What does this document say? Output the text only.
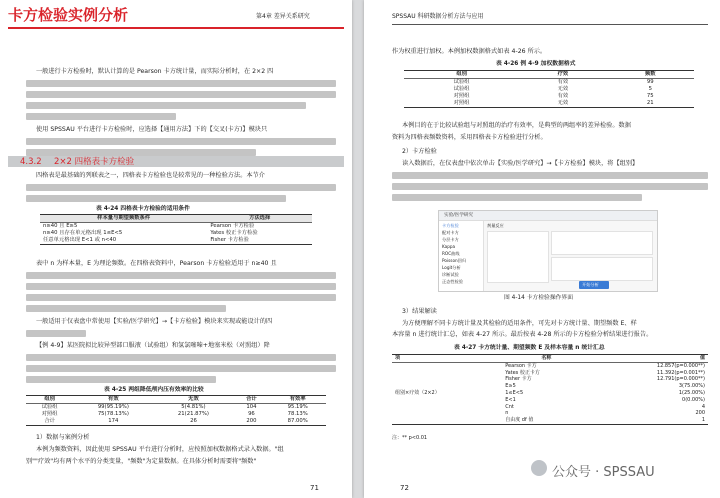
卡方检验实例分析	第4章 差异关系研究
一般进行卡方检验时，默认计算的是 Pearson 卡方统计量，而实际分析时，在 2×2 四
使用 SPSSAU 平台进行卡方检验时，应选择【通用方法】下的【交叉(卡方)】模块只
4.3.2 2×2 四格表卡方检验
四格表是最基础的列联表之一，四格表卡方检验也是较常见的一种检验方法。本节介
表 4-24 四格表卡方检验的适用条件
样本量与期望频数条件	方法选择
n≥40 且 E≥5	Pearson 卡方检验
n≥40 且存在单元格出现 1≤E<5	Yates 校正卡方检验
任意单元格出现 E<1 或 n<40	Fisher 卡方检验
表中 n 为样本量，E 为理论频数。在四格表资料中，Pearson 卡方检验适用于 n≥40 且
一般适用于仅表盘中常使用【实验/医学研究】→【卡方检验】模块来实现或能设计的四
【例 4-9】某医院拟比较异型部口服液（试验组）和氢氯噻嗪+地塞米松（对照组）降
表 4-25 两组降低颅内压有效率的比较
组别	有效	无效	合计	有效率
试验组	99(95.19%)	5(4.81%)	104	95.19%
对照组	75(78.13%)	21(21.87%)	96	78.13%
合计	174	26	200	87.00%
1）数据与案例分析
本例为频数资料，因此使用 SPSSAU 平台进行分析时，应按照加权数据格式录入数据。"组
别""疗效"均有两个水平的分类变量，"频数"为定量数据。在具体分析时需要将"频数"
71
SPSSAU 科研数据分析方法与应用
作为权重进行加权。本例加权数据格式如表 4-26 所示。
表 4-26 例 4-9 加权数据格式
组别	疗效	频数
试验组	有效	99
试验组	无效	5
对照组	有效	75
对照组	无效	21
本例目的在于比较试验组与对照组的治疗有效率，是典型的两组率的差异检验。数据
资料为四格表频数资料，采用四格表卡方检验进行分析。
2）卡方检验
读入数据后，在仪表盘中依次单击【实验/医学研究】→【卡方检验】模块，将【组别】
实验/医学研究
卡方检验
配对卡方
分层卡方
Kappa
ROC曲线
Poisson回归
Logit分析
诊断试验
正态性检验
剂量反应
开始分析
图 4-14 卡方检验操作界面
3）结果解读
为方便理解不同卡方统计量及其检验的适用条件，可先对卡方统计量、期望频数 E、样
本容量 n 进行统计汇总，如表 4-27 所示。最后按表 4-28 所示的卡方检验分析结果进行报告。
表 4-27 卡方统计量、期望频数 E 及样本容量 n 统计汇总
项	名称	值
组别×疗效（2×2）	Pearson 卡方	12.857(p=0.000**)
	Yates 校正卡方	11.392(p=0.001**)
	Fisher 卡方	12.791(p=0.000**)
	E≥5	3(75.00%)
	1≤E<5	1(25.00%)
	E<1	0(0.00%)
	Cnt	4
	n	200
	自由度 df 值	1
注：** p<0.01
72
公众号 · SPSSAU
